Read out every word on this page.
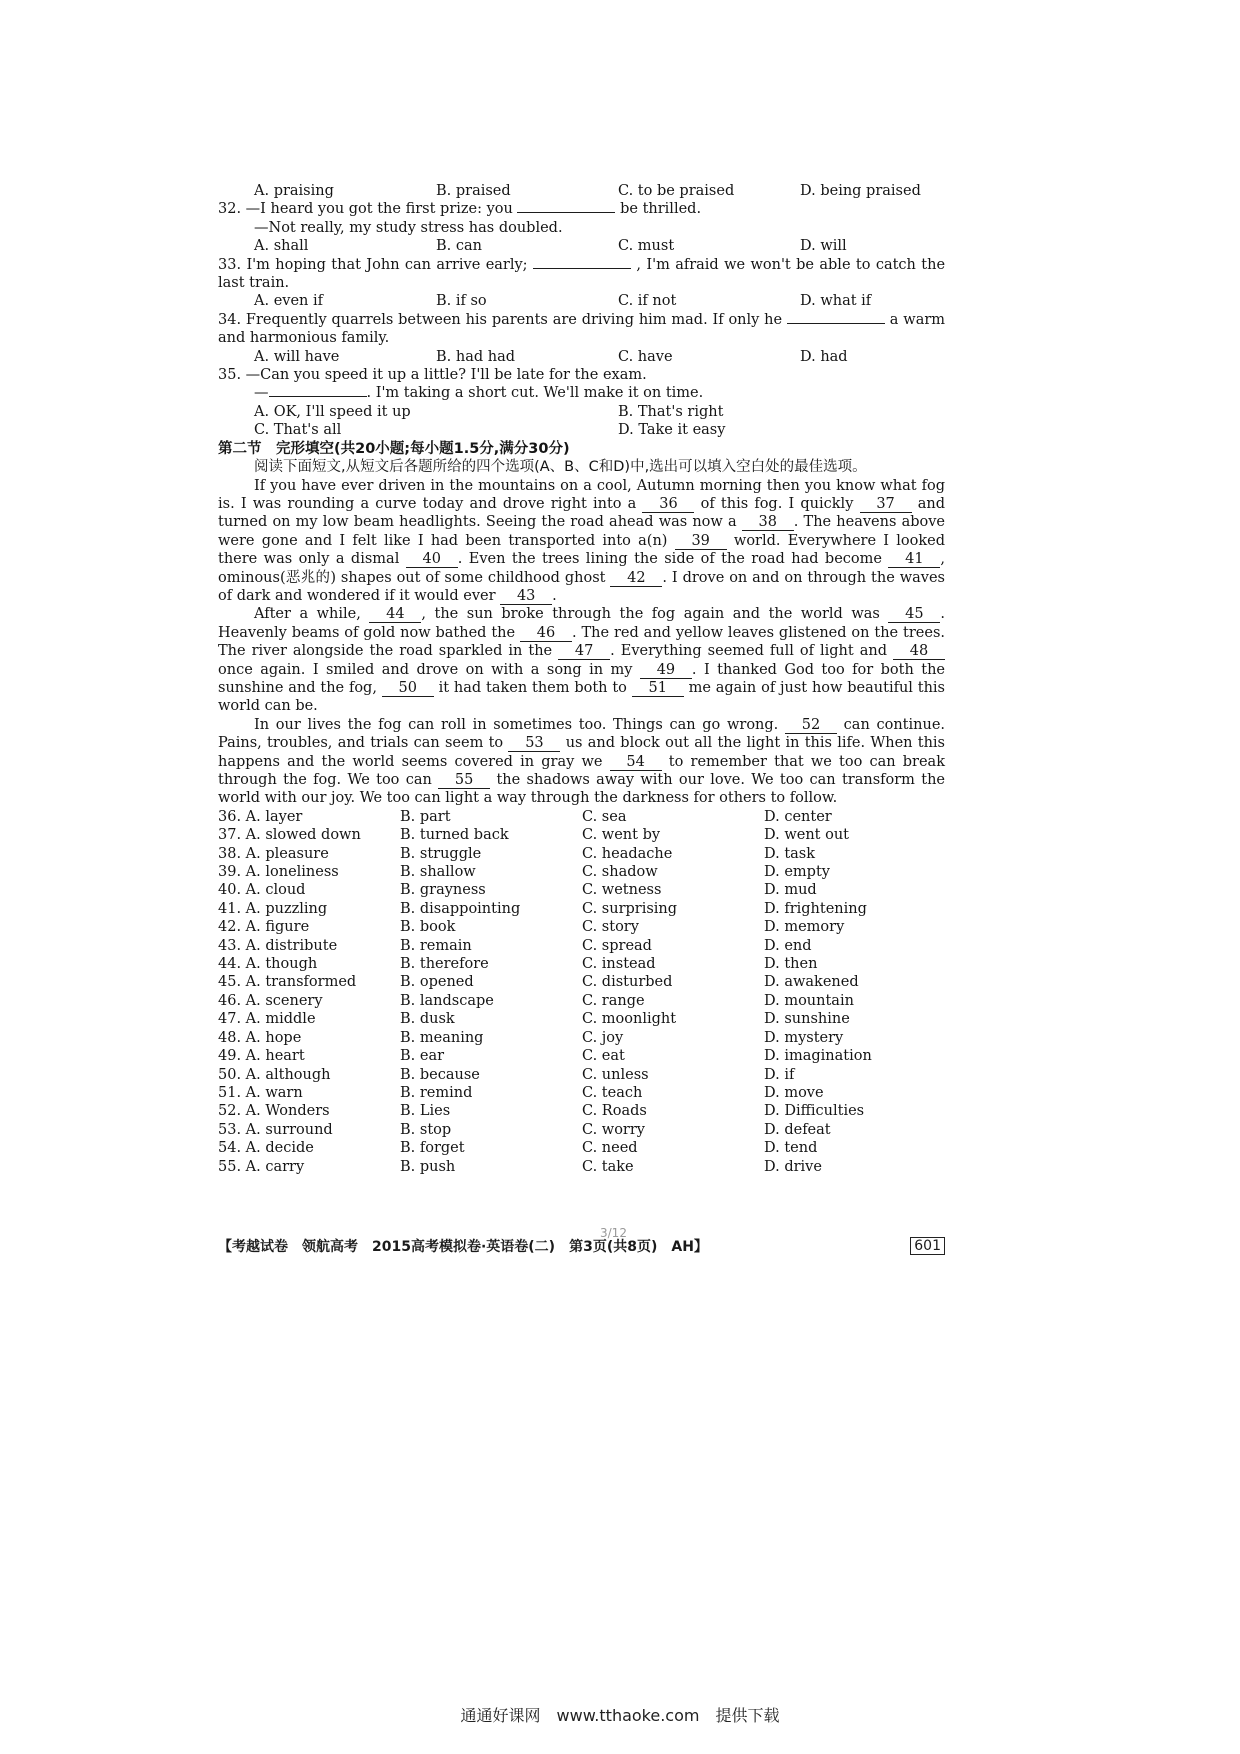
A. praising	B. praised	C. to be praised	D. being praised
32. —I heard you got the first prize: you	be thrilled.
—Not really, my study stress has doubled.
A. shall	B. can	C. must	D. will
33. I'm hoping that John can arrive early;	, I'm afraid we won't be able to catch the last train.
A. even if	B. if so	C. if not	D. what if
34. Frequently quarrels between his parents are driving him mad. If only he	a warm and harmonious family.
A. will have	B. had had	C. have	D. had
35. —Can you speed it up a little? I'll be late for the exam.
—	. I'm taking a short cut. We'll make it on time.
A. OK, I'll speed it up	B. That's right
C. That's all	D. Take it easy
第二节　完形填空(共20小题;每小题1.5分,满分30分)
阅读下面短文,从短文后各题所给的四个选项(A、B、C和D)中,选出可以填入空白处的最佳选项。
If you have ever driven in the mountains on a cool, Autumn morning then you know what fog is. I was rounding a curve today and drove right into a 36 of this fog. I quickly 37 and turned on my low beam headlights. Seeing the road ahead was now a 38 . The heavens above were gone and I felt like I had been transported into a(n) 39 world. Everywhere I looked there was only a dismal 40 . Even the trees lining the side of the road had become 41 , ominous(恶兆的) shapes out of some childhood ghost 42 . I drove on and on through the waves of dark and wondered if it would ever 43 .
After a while, 44 , the sun broke through the fog again and the world was 45 . Heavenly beams of gold now bathed the 46 . The red and yellow leaves glistened on the trees. The river alongside the road sparkled in the 47 . Everything seemed full of light and 48 once again. I smiled and drove on with a song in my 49 . I thanked God too for both the sunshine and the fog, 50 it had taken them both to 51 me again of just how beautiful this world can be.
In our lives the fog can roll in sometimes too. Things can go wrong. 52 can continue. Pains, troubles, and trials can seem to 53 us and block out all the light in this life. When this happens and the world seems covered in gray we 54 to remember that we too can break through the fog. We too can 55 the shadows away with our love. We too can transform the world with our joy. We too can light a way through the darkness for others to follow.
36. A. layer	B. part	C. sea	D. center
37. A. slowed down	B. turned back	C. went by	D. went out
38. A. pleasure	B. struggle	C. headache	D. task
39. A. loneliness	B. shallow	C. shadow	D. empty
40. A. cloud	B. grayness	C. wetness	D. mud
41. A. puzzling	B. disappointing	C. surprising	D. frightening
42. A. figure	B. book	C. story	D. memory
43. A. distribute	B. remain	C. spread	D. end
44. A. though	B. therefore	C. instead	D. then
45. A. transformed	B. opened	C. disturbed	D. awakened
46. A. scenery	B. landscape	C. range	D. mountain
47. A. middle	B. dusk	C. moonlight	D. sunshine
48. A. hope	B. meaning	C. joy	D. mystery
49. A. heart	B. ear	C. eat	D. imagination
50. A. although	B. because	C. unless	D. if
51. A. warn	B. remind	C. teach	D. move
52. A. Wonders	B. Lies	C. Roads	D. Difficulties
53. A. surround	B. stop	C. worry	D. defeat
54. A. decide	B. forget	C. need	D. tend
55. A. carry	B. push	C. take	D. drive
3/12
【考越试卷　领航高考　2015高考模拟卷·英语卷(二)　第3页(共8页)　AH】	601
通通好课网　www.tthaoke.com　提供下载
